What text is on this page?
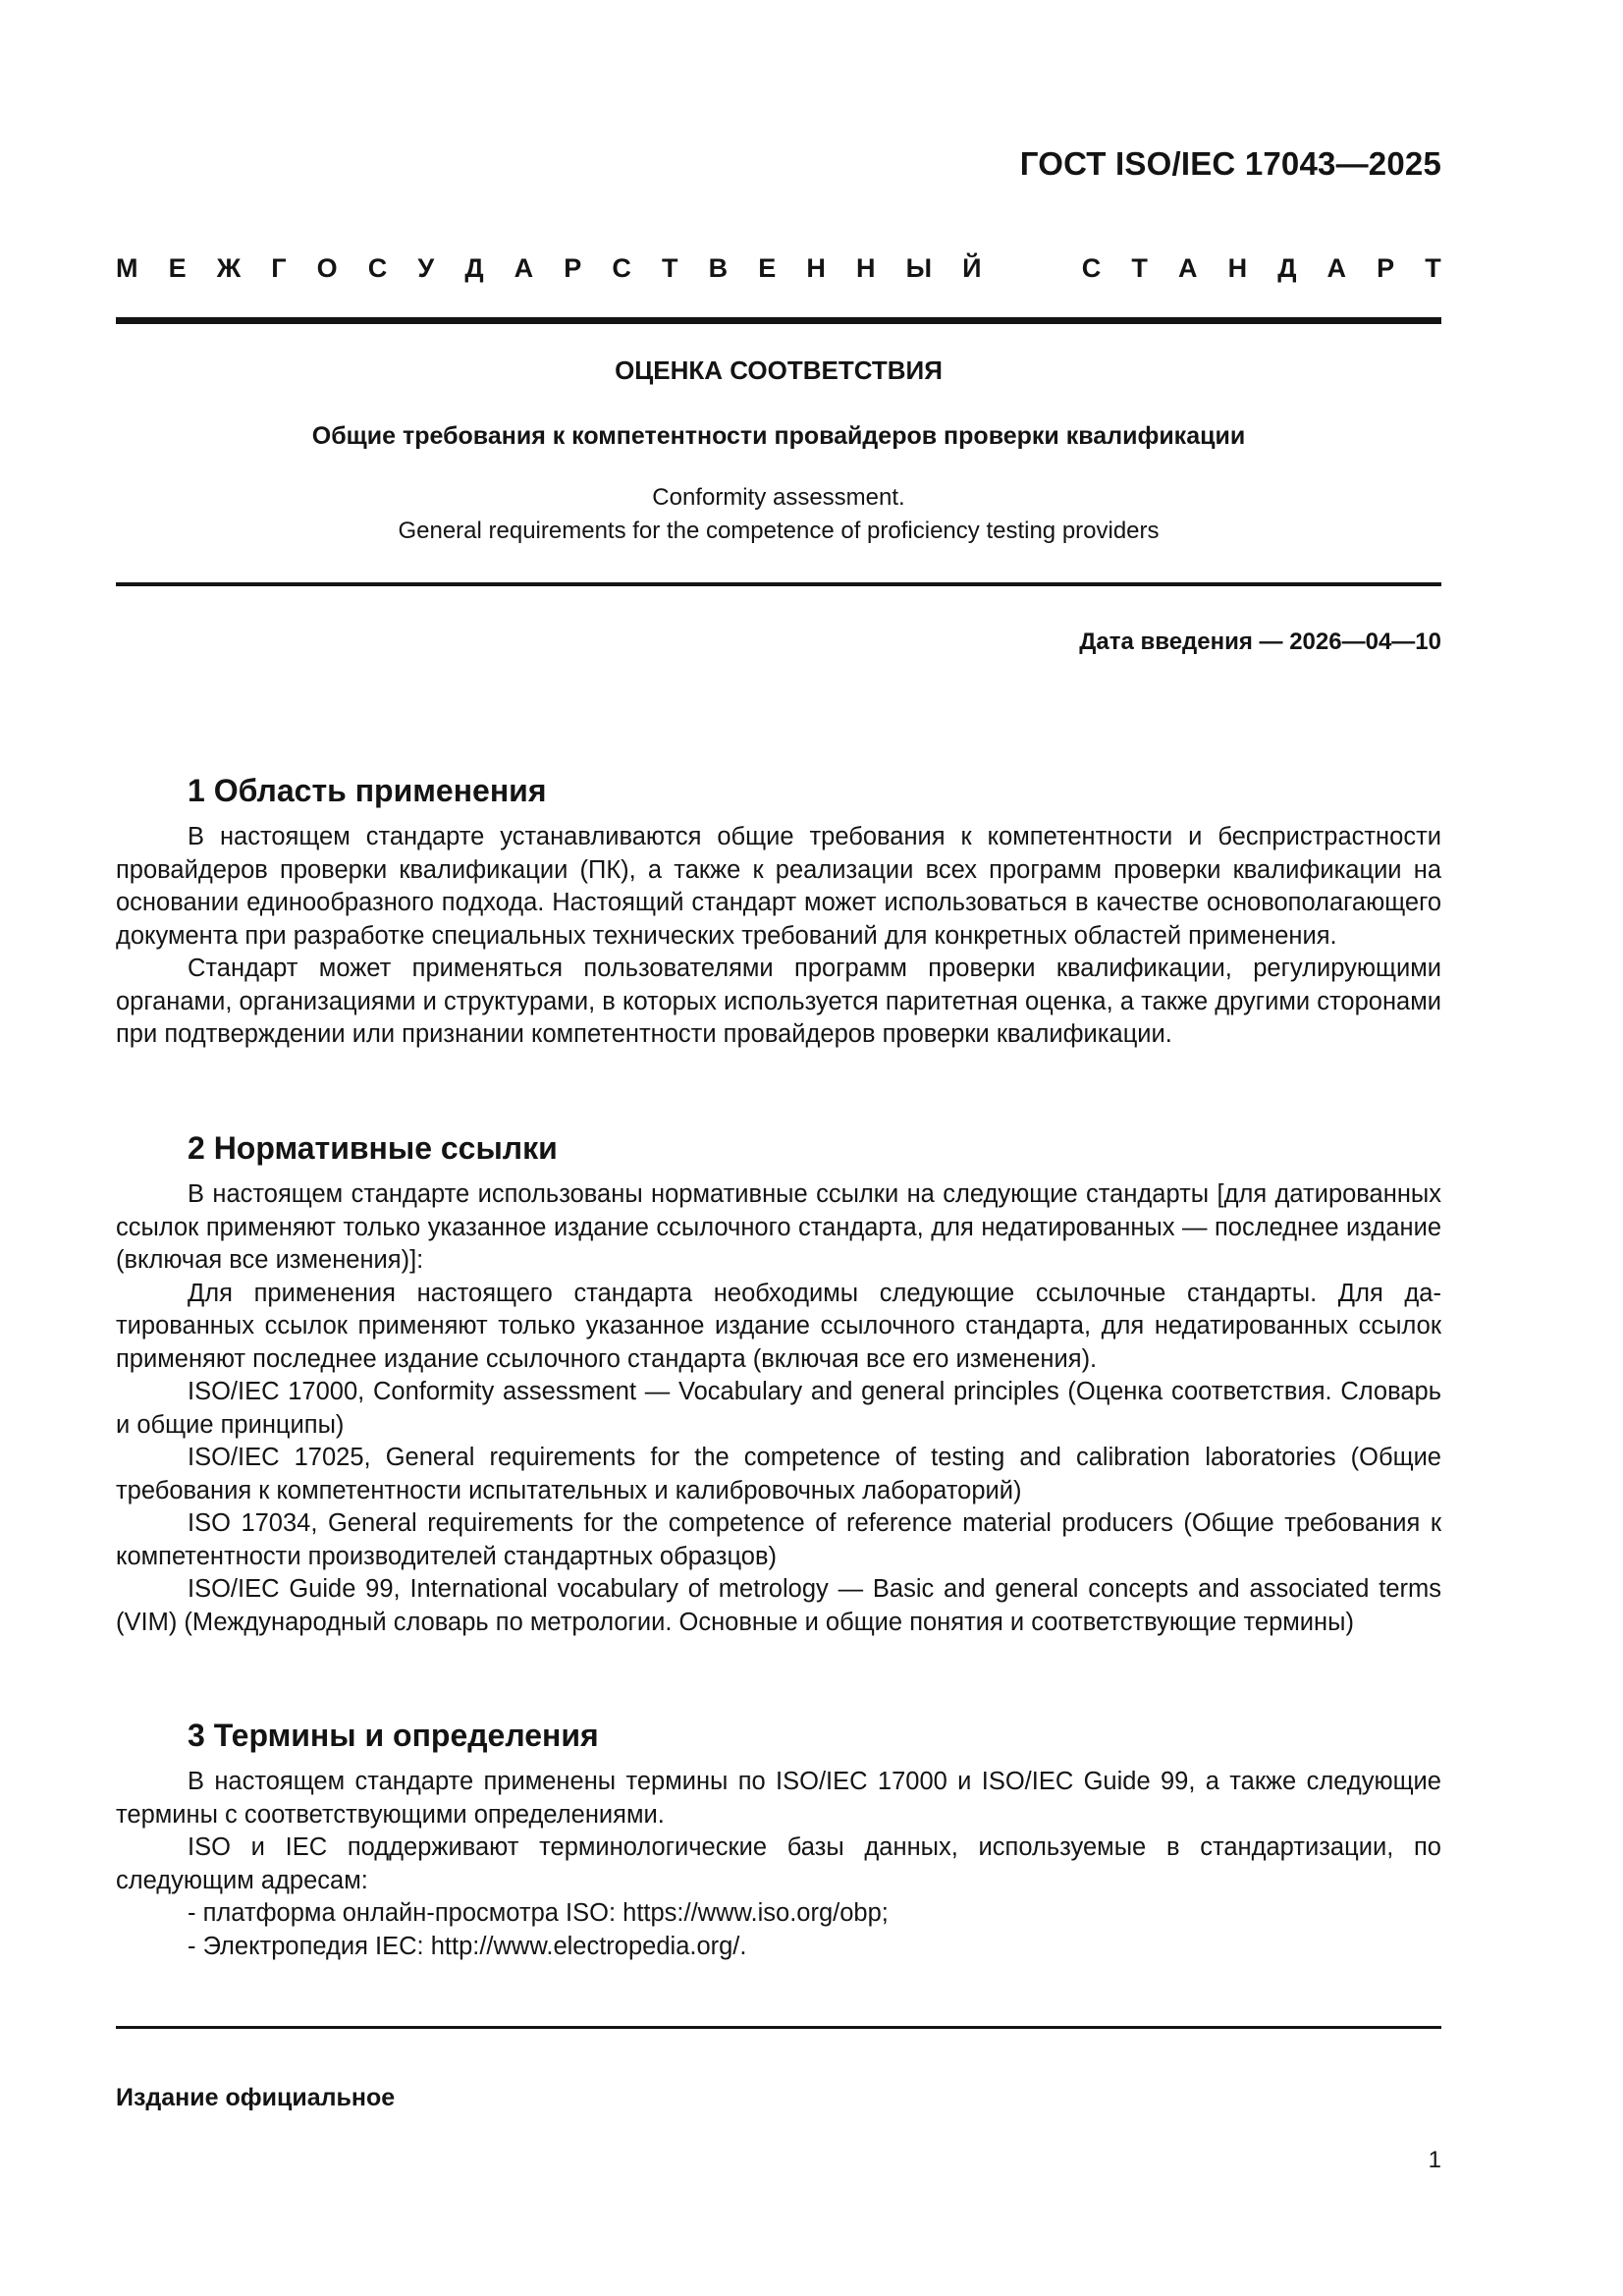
ГОСТ ISO/IEC 17043—2025
М Е Ж Г О С У Д А Р С Т В Е Н Н Ы Й	С Т А Н Д А Р Т
ОЦЕНКА СООТВЕТСТВИЯ
Общие требования к компетентности провайдеров проверки квалификации
Conformity assessment.
General requirements for the competence of proficiency testing providers
Дата введения — 2026—04—10
1 Область применения

В настоящем стандарте устанавливаются общие требования к компетентности и беспристрастности провайдеров проверки квалификации (ПК), а также к реализации всех программ проверки квалификации на основании единообразного подхода. Настоящий стандарт может использоваться в качестве основополагающего документа при разработке специальных технических требований для конкретных областей применения.

Стандарт может применяться пользователями программ проверки квалификации, регулирующими органами, организациями и структурами, в которых используется паритетная оценка, а также другими сторонами при подтверждении или признании компетентности провайдеров проверки квалификации.

2 Нормативные ссылки

В настоящем стандарте использованы нормативные ссылки на следующие стандарты [для датированных ссылок применяют только указанное издание ссылочного стандарта, для недатированных — последнее издание (включая все изменения)]:

Для применения настоящего стандарта необходимы следующие ссылочные стандарты. Для датированных ссылок применяют только указанное издание ссылочного стандарта, для недатированных ссылок применяют последнее издание ссылочного стандарта (включая все его изменения).

ISO/IEC 17000, Conformity assessment — Vocabulary and general principles (Оценка соответствия. Словарь и общие принципы)

ISO/IEC 17025, General requirements for the competence of testing and calibration laboratories (Общие требования к компетентности испытательных и калибровочных лабораторий)

ISO 17034, General requirements for the competence of reference material producers (Общие требования к компетентности производителей стандартных образцов)

ISO/IEC Guide 99, International vocabulary of metrology — Basic and general concepts and associated terms (VIM) (Международный словарь по метрологии. Основные и общие понятия и соответствующие термины)

3 Термины и определения

В настоящем стандарте применены термины по ISO/IEC 17000 и ISO/IEC Guide 99, а также следующие термины с соответствующими определениями.

ISO и IEC поддерживают терминологические базы данных, используемые в стандартизации, по следующим адресам:

- платформа онлайн-просмотра ISO: https://www.iso.org/obp;

- Электропедия IEC: http://www.electropedia.org/.

Издание официальное
1
